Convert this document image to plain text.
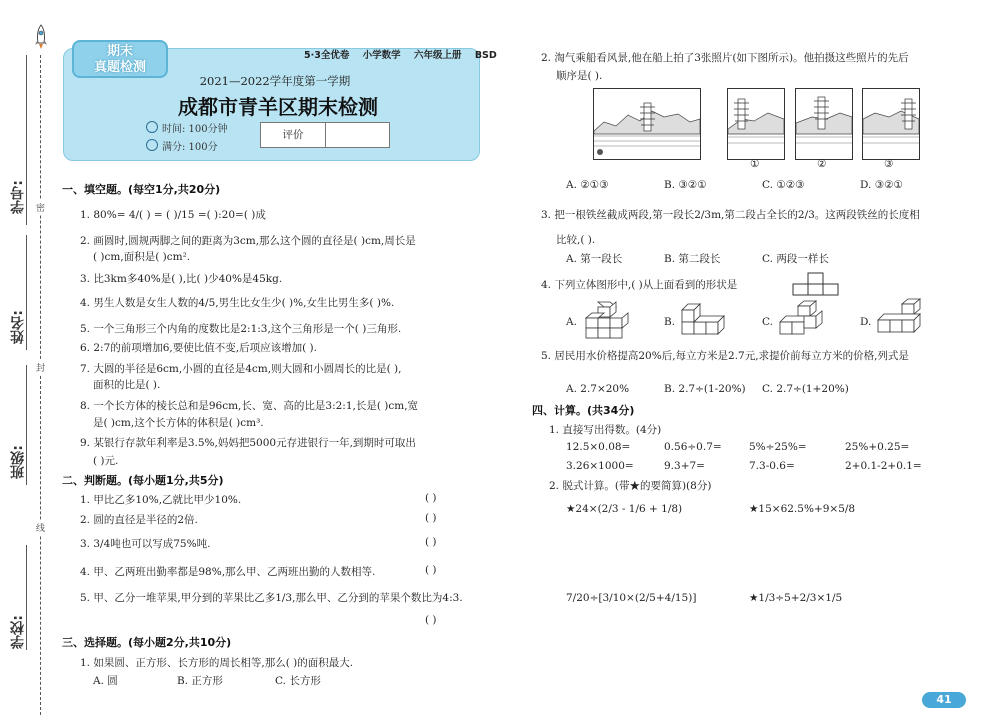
学号: 密
姓名:
封
班级:
线
学校:
期末
真题检测
5·3全优卷 小学数学 六年级上册 BSD
2021—2022学年度第一学期
成都市青羊区期末检测
时间: 100分钟
满分: 100分
评价
一、填空题。(每空1分,共20分)
1. 80%= 4/( ) = ( )/15 =( ):20=( )成
2. 画圆时,圆规两脚之间的距离为3cm,那么这个圆的直径是( )cm,周长是
( )cm,面积是( )cm².
3. 比3km多40%是( ),比( )少40%是45kg.
4. 男生人数是女生人数的4/5,男生比女生少( )%,女生比男生多( )%.
5. 一个三角形三个内角的度数比是2:1:3,这个三角形是一个( )三角形.
6. 2:7的前项增加6,要使比值不变,后项应该增加( ).
7. 大圆的半径是6cm,小圆的直径是4cm,则大圆和小圆周长的比是( ),
面积的比是( ).
8. 一个长方体的棱长总和是96cm,长、宽、高的比是3:2:1,长是( )cm,宽
是( )cm,这个长方体的体积是( )cm³.
9. 某银行存款年利率是3.5%,妈妈把5000元存进银行一年,到期时可取出
( )元.
二、判断题。(每小题1分,共5分)
1. 甲比乙多10%,乙就比甲少10%.	( )
2. 圆的直径是半径的2倍.	( )
3. 3/4吨也可以写成75%吨.	( )
4. 甲、乙两班出勤率都是98%,那么甲、乙两班出勤的人数相等.	( )
5. 甲、乙分一堆苹果,甲分到的苹果比乙多1/3,那么甲、乙分到的苹果个数比为4:3.
( )
三、选择题。(每小题2分,共10分)
1. 如果圆、正方形、长方形的周长相等,那么( )的面积最大.
A. 圆	B. 正方形	C. 长方形
2. 淘气乘船看风景,他在船上拍了3张照片(如下图所示)。他拍摄这些照片的先后
顺序是( ).
①	②	③
A. ②①③	B. ③②①	C. ①②③	D. ③②①
3. 把一根铁丝截成两段,第一段长2/3m,第二段占全长的2/3。这两段铁丝的长度相
比较,( ).
A. 第一段长	B. 第二段长	C. 两段一样长
4. 下列立体图形中,( )从上面看到的形状是
A.	B.	C.	D.
5. 居民用水价格提高20%后,每立方米是2.7元,求提价前每立方米的价格,列式是
A. 2.7×20%	B. 2.7÷(1-20%) C. 2.7÷(1+20%)
四、计算。(共34分)
1. 直接写出得数。(4分)
12.5×0.08=	0.56÷0.7=	5%÷25%=	25%+0.25=
3.26×1000=	9.3+7=	7.3-0.6=	2+0.1-2+0.1=
2. 脱式计算。(带★的要简算)(8分)
★24×(2/3 - 1/6 + 1/8)	★15×62.5%+9×5/8
7/20÷[3/10×(2/5+4/15)]	★1/3÷5+2/3×1/5
41
